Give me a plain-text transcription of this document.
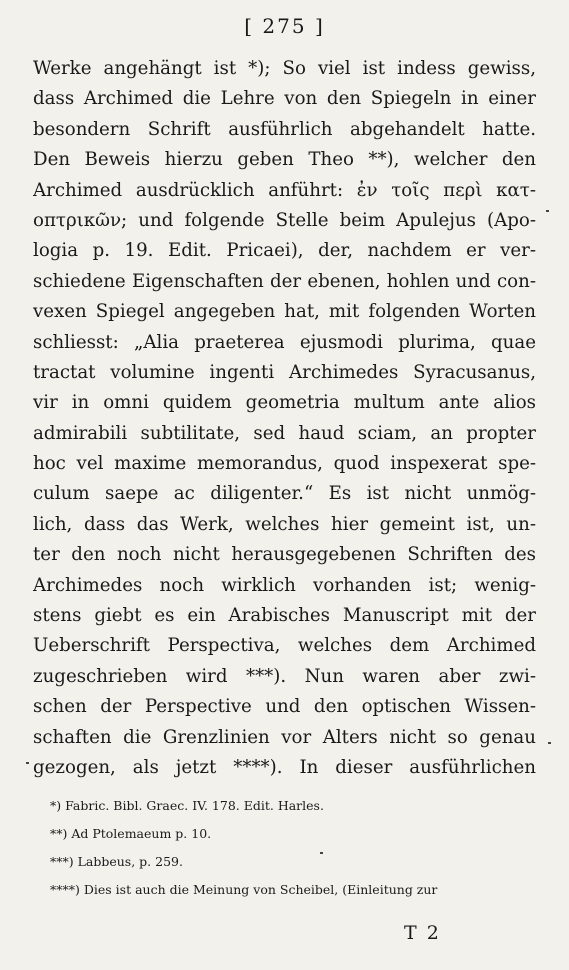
[ 275 ]
Werke angehängt ist *); So viel ist indess gewiss,
dass Archimed die Lehre von den Spiegeln in einer
besondern Schrift ausführlich abgehandelt hatte.
Den Beweis hierzu geben Theo **), welcher den
Archimed ausdrücklich anführt: ἐν τοῖς περὶ κατ-
οπτρικῶν; und folgende Stelle beim Apulejus (Apo-
logia p. 19. Edit. Pricaei), der, nachdem er ver-
schiedene Eigenschaften der ebenen, hohlen und con-
vexen Spiegel angegeben hat, mit folgenden Worten
schliesst: „Alia praeterea ejusmodi plurima, quae
tractat volumine ingenti Archimedes Syracusanus,
vir in omni quidem geometria multum ante alios
admirabili subtilitate, sed haud sciam, an propter
hoc vel maxime memorandus, quod inspexerat spe-
culum saepe ac diligenter.“ Es ist nicht unmög-
lich, dass das Werk, welches hier gemeint ist, un-
ter den noch nicht herausgegebenen Schriften des
Archimedes noch wirklich vorhanden ist; wenig-
stens giebt es ein Arabisches Manuscript mit der
Ueberschrift Perspectiva, welches dem Archimed
zugeschrieben wird ***). Nun waren aber zwi-
schen der Perspective und den optischen Wissen-
schaften die Grenzlinien vor Alters nicht so genau
gezogen, als jetzt ****). In dieser ausführlichen
*) Fabric. Bibl. Graec. IV. 178. Edit. Harles.
**) Ad Ptolemaeum p. 10.
***) Labbeus, p. 259.
****) Dies ist auch die Meinung von Scheibel, (Einleitung zur
T 2
